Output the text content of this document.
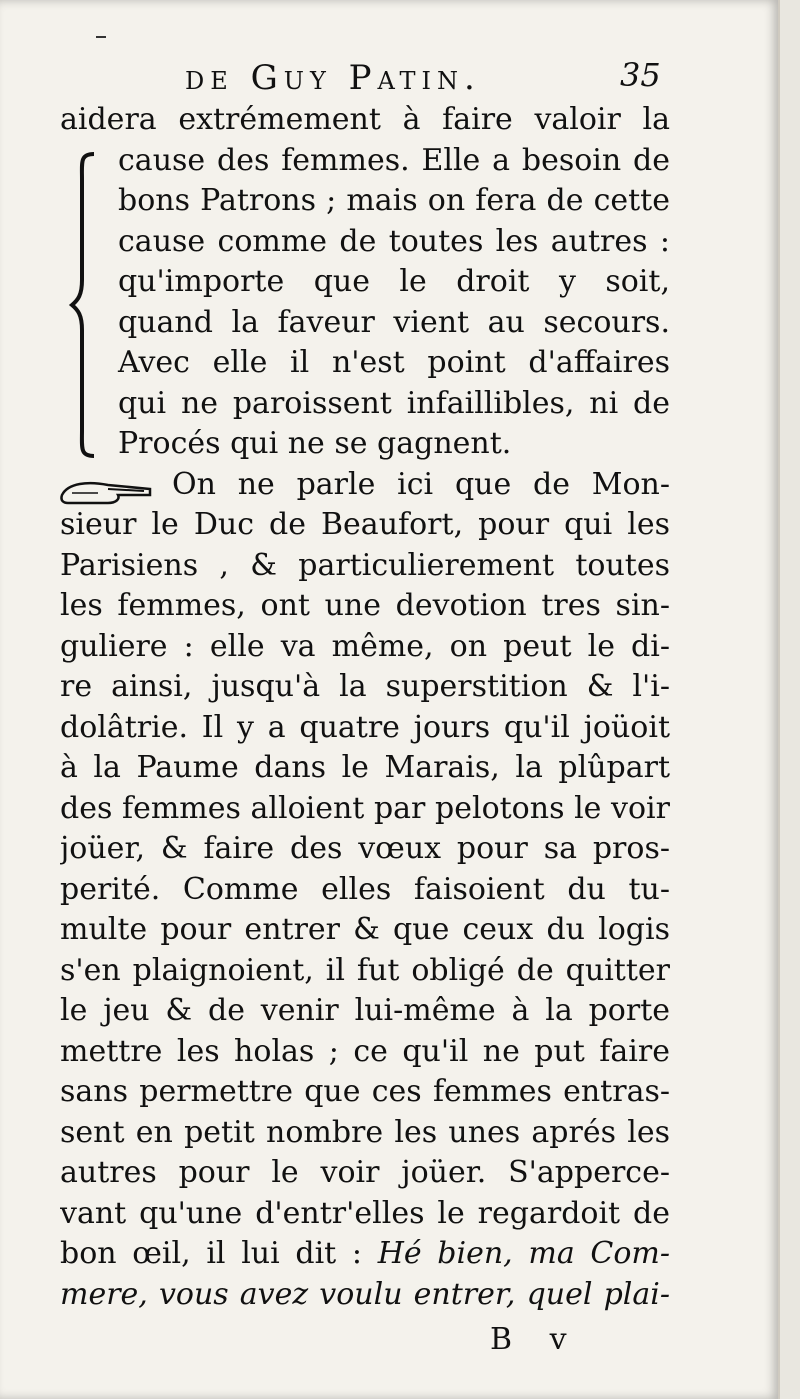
de Guy Patin.	35
aidera extrémement à faire valoir la
cause des femmes. Elle a besoin de
bons Patrons ; mais on fera de cette
cause comme de toutes les autres :
qu'importe que le droit y soit,
quand la faveur vient au secours.
Avec elle il n'est point d'affaires
qui ne paroissent infaillibles, ni de
Procés qui ne se gagnent.
On ne parle ici que de Mon-
sieur le Duc de Beaufort, pour qui les
Parisiens , & particulierement toutes
les femmes, ont une devotion tres sin-
guliere : elle va même, on peut le di-
re ainsi, jusqu'à la superstition & l'i-
dolâtrie. Il y a quatre jours qu'il joüoit
à la Paume dans le Marais, la plûpart
des femmes alloient par pelotons le voir
joüer, & faire des vœux pour sa pros-
perité. Comme elles faisoient du tu-
multe pour entrer & que ceux du logis
s'en plaignoient, il fut obligé de quitter
le jeu & de venir lui-même à la porte
mettre les holas ; ce qu'il ne put faire
sans permettre que ces femmes entras-
sent en petit nombre les unes aprés les
autres pour le voir joüer. S'apperce-
vant qu'une d'entr'elles le regardoit de
bon œil, il lui dit : Hé bien, ma Com-
mere, vous avez voulu entrer, quel plai-
B v
